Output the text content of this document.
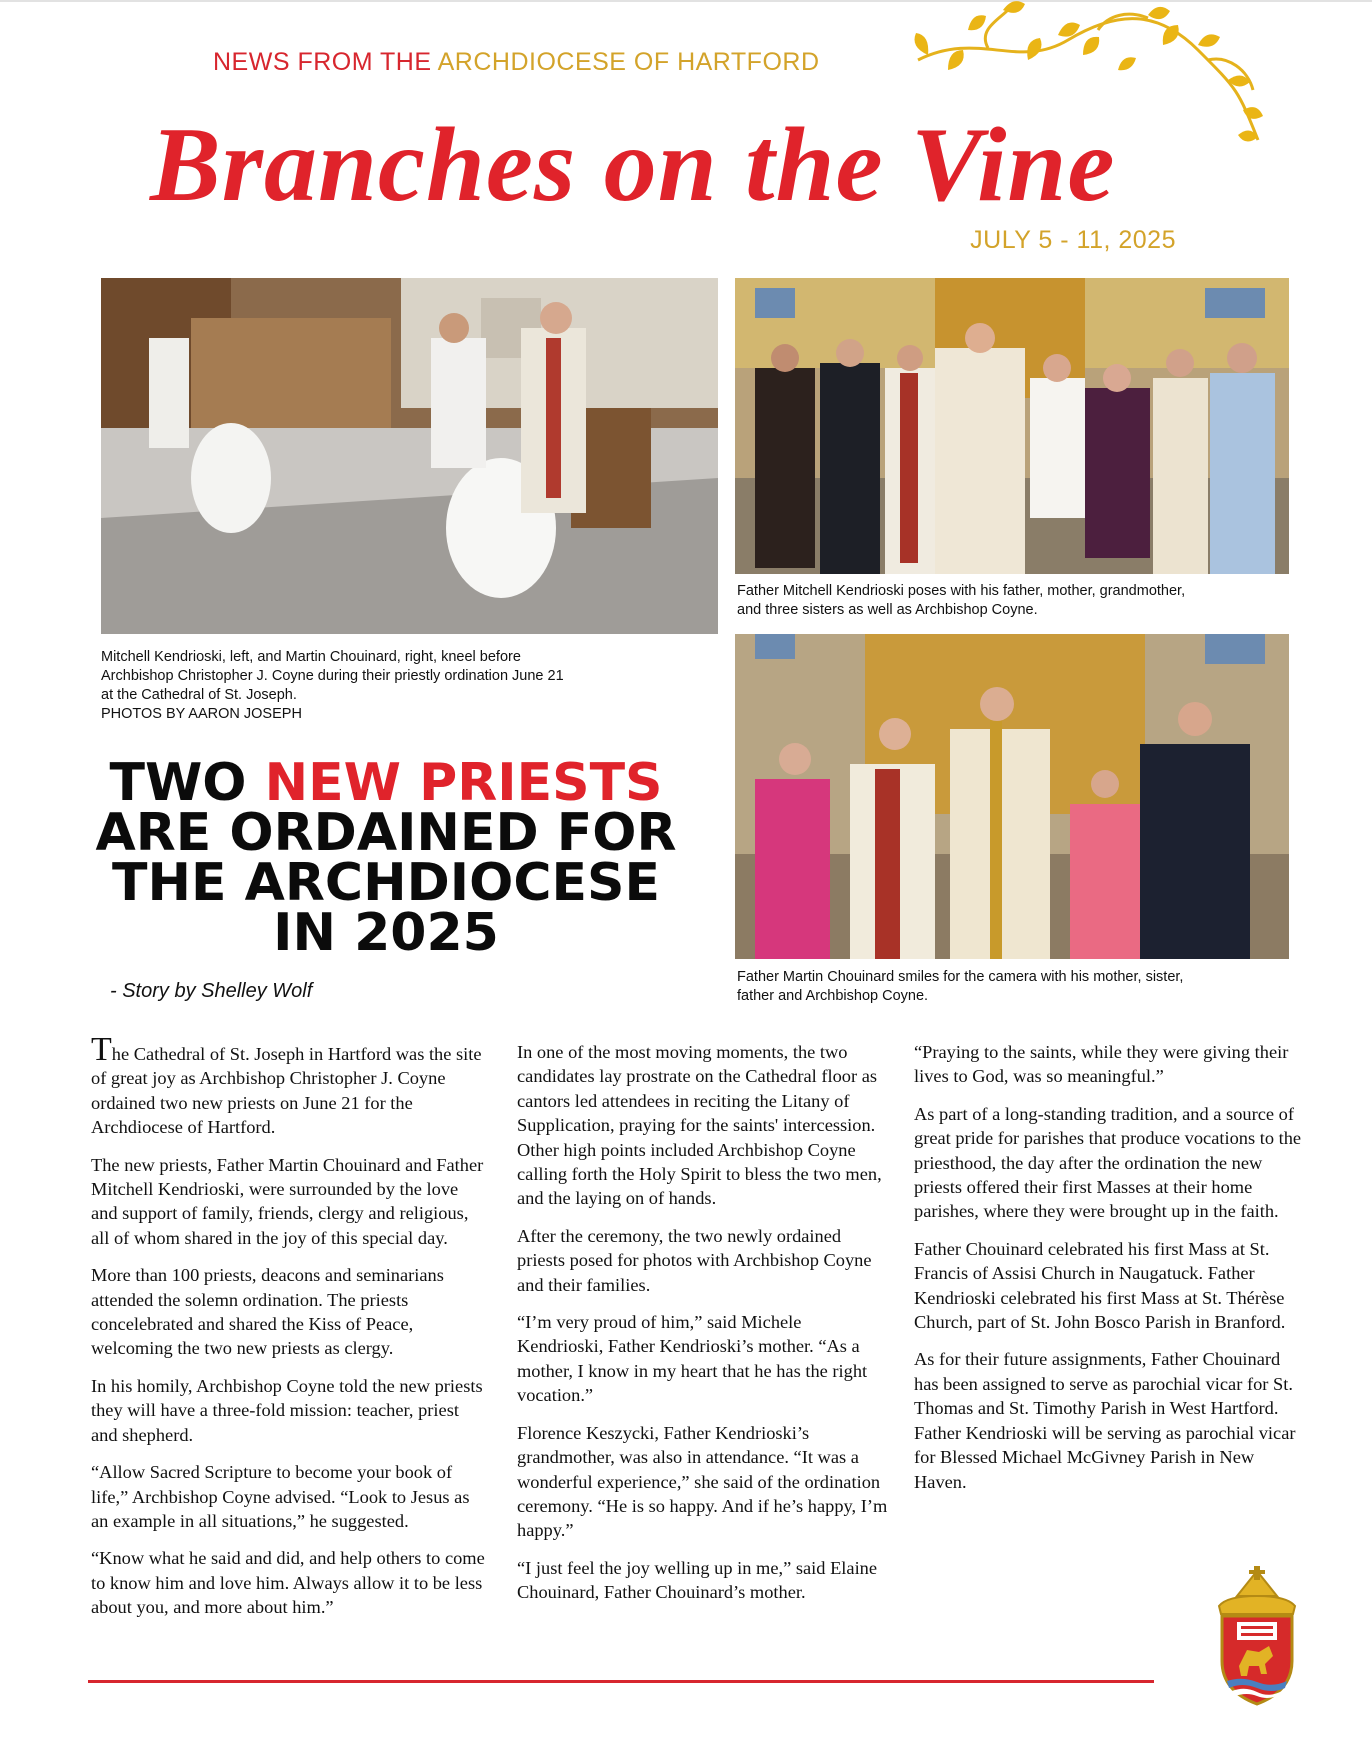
NEWS FROM THE ARCHDIOCESE OF HARTFORD
Branches on the Vine
JULY 5 - 11, 2025
Mitchell Kendrioski, left, and Martin Chouinard, right, kneel before
Archbishop Christopher J. Coyne during their priestly ordination June 21
at the Cathedral of St. Joseph.
PHOTOS BY AARON JOSEPH
Father Mitchell Kendrioski poses with his father, mother, grandmother,
and three sisters as well as Archbishop Coyne.
Father Martin Chouinard smiles for the camera with his mother, sister,
father and Archbishop Coyne.
TWO NEW PRIESTS
ARE ORDAINED FOR
THE ARCHDIOCESE
IN 2025
- Story by Shelley Wolf

The Cathedral of St. Joseph in Hartford was the site of great joy as Archbishop Christopher J. Coyne ordained two new priests on June 21 for the Archdiocese of Hartford.

The new priests, Father Martin Chouinard and Father Mitchell Kendrioski, were surrounded by the love and support of family, friends, clergy and religious, all of whom shared in the joy of this special day.

More than 100 priests, deacons and seminarians attended the solemn ordination. The priests concelebrated and shared the Kiss of Peace, welcoming the two new priests as clergy.

In his homily, Archbishop Coyne told the new priests they will have a three-fold mission: teacher, priest and shepherd.

“Allow Sacred Scripture to become your book of life,” Archbishop Coyne advised. “Look to Jesus as an example in all situations,” he suggested.

“Know what he said and did, and help others to come to know him and love him. Always allow it to be less about you, and more about him.”

In one of the most moving moments, the two candidates lay prostrate on the Cathedral floor as cantors led attendees in reciting the Litany of Supplication, praying for the saints' intercession. Other high points included Archbishop Coyne calling forth the Holy Spirit to bless the two men, and the laying on of hands.

After the ceremony, the two newly ordained priests posed for photos with Archbishop Coyne and their families.

“I’m very proud of him,” said Michele Kendrioski, Father Kendrioski’s mother. “As a mother, I know in my heart that he has the right vocation.”

Florence Keszycki, Father Kendrioski’s grandmother, was also in attendance. “It was a wonderful experience,” she said of the ordination ceremony. “He is so happy. And if he’s happy, I’m happy.”

“I just feel the joy welling up in me,” said Elaine Chouinard, Father Chouinard’s mother.

“Praying to the saints, while they were giving their lives to God, was so meaningful.”

As part of a long-standing tradition, and a source of great pride for parishes that produce vocations to the priesthood, the day after the ordination the new priests offered their first Masses at their home parishes, where they were brought up in the faith.

Father Chouinard celebrated his first Mass at St. Francis of Assisi Church in Naugatuck. Father Kendrioski celebrated his first Mass at St. Thérèse Church, part of St. John Bosco Parish in Branford.

As for their future assignments, Father Chouinard has been assigned to serve as parochial vicar for St. Thomas and St. Timothy Parish in West Hartford. Father Kendrioski will be serving as parochial vicar for Blessed Michael McGivney Parish in New Haven.
